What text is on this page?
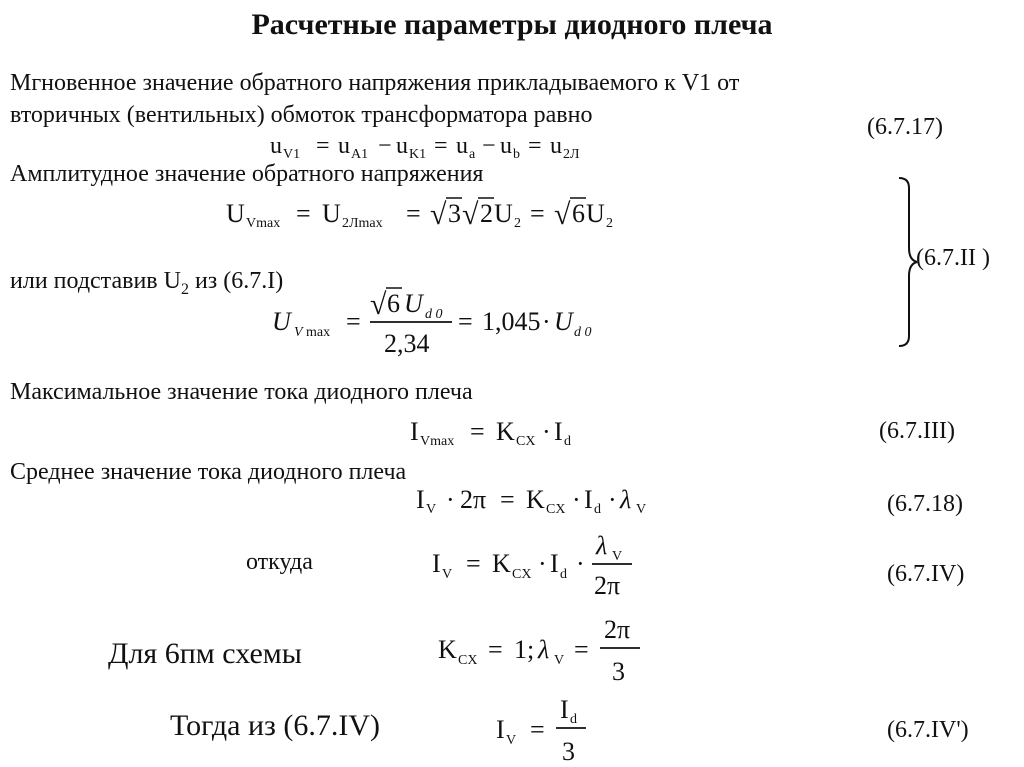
Расчетные параметры диодного плеча
Мгновенное значение обратного напряжения прикладываемого к V1 от
вторичных (вентильных) обмоток трансформатора равно
Амплитудное значение обратного напряжения
или подставив $U_2$ из (6.7.I)
Максимальное значение тока диодного плеча
Среднее значение тока диодного плеча
откуда
Для 6пм схемы
Тогда из (6.7.IV)
(6.7.17)
(6.7.II )
(6.7.III)
(6.7.18)
(6.7.IV)
(6.7.IV')
u V1 = u A1 − u K1 = u a − u b = u 2Л
U Vmax = U 2Лmax = √ 3 √ 2 U 2 = √ 6 U 2
U V max =
√ 6 U d 0
2,34
= 1,045 · U d 0
I Vmax = K CX · I d
I V · 2π = K CX · I d · λ V
I V = K CX · I d ·
λ V
2π
K CX = 1; λ V =
2π
3
I V =
I d
3
